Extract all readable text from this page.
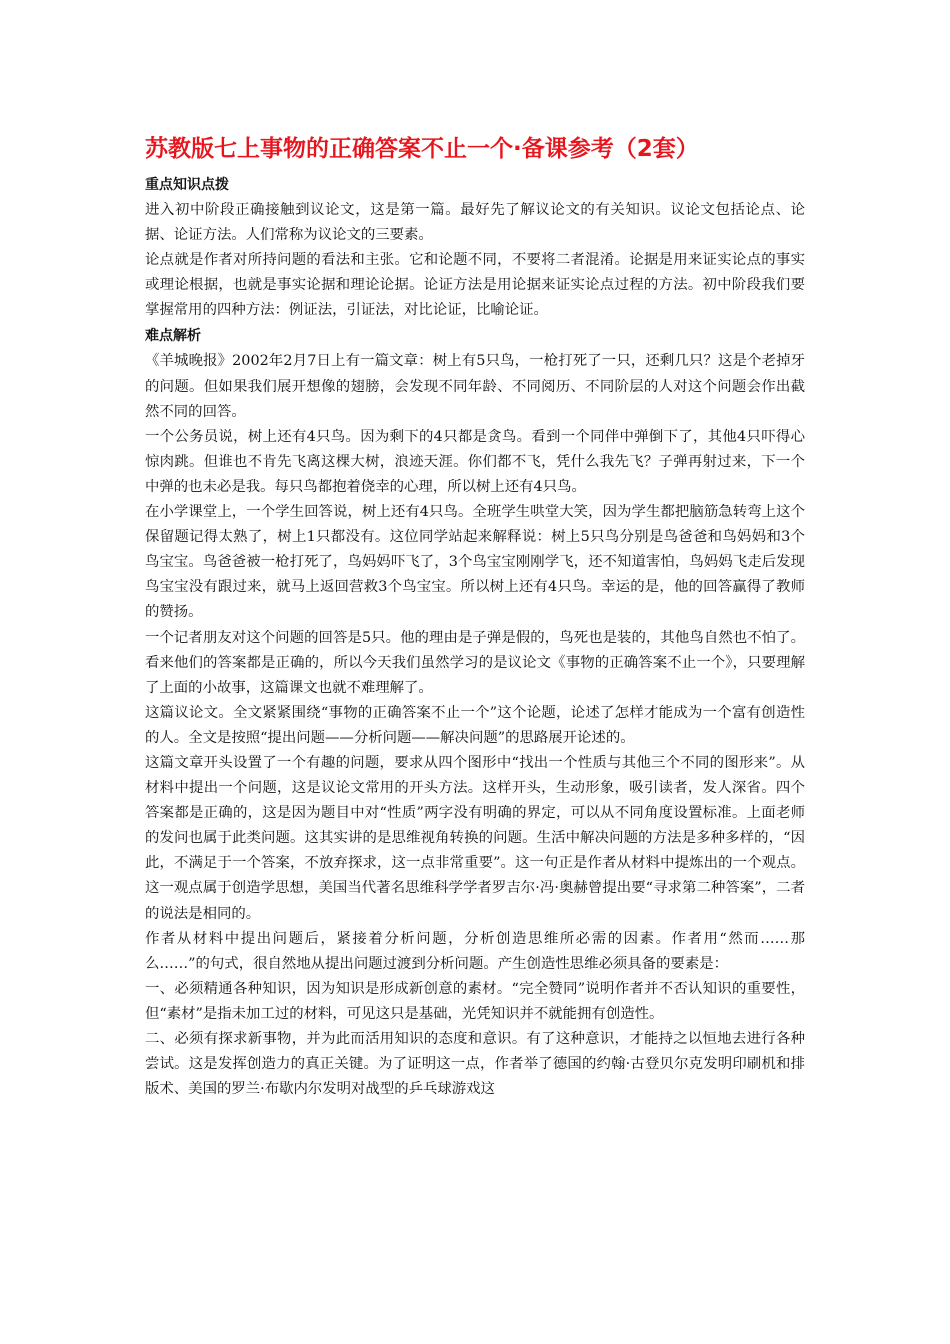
苏教版七上事物的正确答案不止一个·备课参考（2套）
重点知识点拨

进入初中阶段正确接触到议论文，这是第一篇。最好先了解议论文的有关知识。议论文包括论点、论据、论证方法。人们常称为议论文的三要素。

论点就是作者对所持问题的看法和主张。它和论题不同，不要将二者混淆。论据是用来证实论点的事实或理论根据，也就是事实论据和理论论据。论证方法是用论据来证实论点过程的方法。初中阶段我们要掌握常用的四种方法：例证法，引证法，对比论证，比喻论证。

难点解析

《羊城晚报》2002年2月7日上有一篇文章：树上有5只鸟，一枪打死了一只，还剩几只？这是个老掉牙的问题。但如果我们展开想像的翅膀，会发现不同年龄、不同阅历、不同阶层的人对这个问题会作出截然不同的回答。

一个公务员说，树上还有4只鸟。因为剩下的4只都是贪鸟。看到一个同伴中弹倒下了，其他4只吓得心惊肉跳。但谁也不肯先飞离这棵大树，浪迹天涯。你们都不飞，凭什么我先飞？子弹再射过来，下一个中弹的也未必是我。每只鸟都抱着侥幸的心理，所以树上还有4只鸟。

在小学课堂上，一个学生回答说，树上还有4只鸟。全班学生哄堂大笑，因为学生都把脑筋急转弯上这个保留题记得太熟了，树上1只都没有。这位同学站起来解释说：树上5只鸟分别是鸟爸爸和鸟妈妈和3个鸟宝宝。鸟爸爸被一枪打死了，鸟妈妈吓飞了，3个鸟宝宝刚刚学飞，还不知道害怕，鸟妈妈飞走后发现鸟宝宝没有跟过来，就马上返回营救3个鸟宝宝。所以树上还有4只鸟。幸运的是，他的回答赢得了教师的赞扬。

一个记者朋友对这个问题的回答是5只。他的理由是子弹是假的，鸟死也是装的，其他鸟自然也不怕了。看来他们的答案都是正确的，所以今天我们虽然学习的是议论文《事物的正确答案不止一个》，只要理解了上面的小故事，这篇课文也就不难理解了。

这篇议论文。全文紧紧围绕“事物的正确答案不止一个”这个论题，论述了怎样才能成为一个富有创造性的人。全文是按照“提出问题——分析问题——解决问题”的思路展开论述的。

这篇文章开头设置了一个有趣的问题，要求从四个图形中“找出一个性质与其他三个不同的图形来”。从材料中提出一个问题，这是议论文常用的开头方法。这样开头，生动形象，吸引读者，发人深省。四个答案都是正确的，这是因为题目中对“性质”两字没有明确的界定，可以从不同角度设置标准。上面老师的发问也属于此类问题。这其实讲的是思维视角转换的问题。生活中解决问题的方法是多种多样的，“因此，不满足于一个答案，不放弃探求，这一点非常重要”。这一句正是作者从材料中提炼出的一个观点。这一观点属于创造学思想，美国当代著名思维科学学者罗吉尔·冯·奥赫曾提出要“寻求第二种答案”，二者的说法是相同的。

作者从材料中提出问题后，紧接着分析问题，分析创造思维所必需的因素。作者用“然而……那么……”的句式，很自然地从提出问题过渡到分析问题。产生创造性思维必须具备的要素是：

一、必须精通各种知识，因为知识是形成新创意的素材。“完全赞同”说明作者并不否认知识的重要性，但“素材”是指未加工过的材料，可见这只是基础，光凭知识并不就能拥有创造性。

二、必须有探求新事物，并为此而活用知识的态度和意识。有了这种意识，才能持之以恒地去进行各种尝试。这是发挥创造力的真正关键。为了证明这一点，作者举了德国的约翰·古登贝尔克发明印刷机和排版术、美国的罗兰·布歇内尔发明对战型的乒乓球游戏这
